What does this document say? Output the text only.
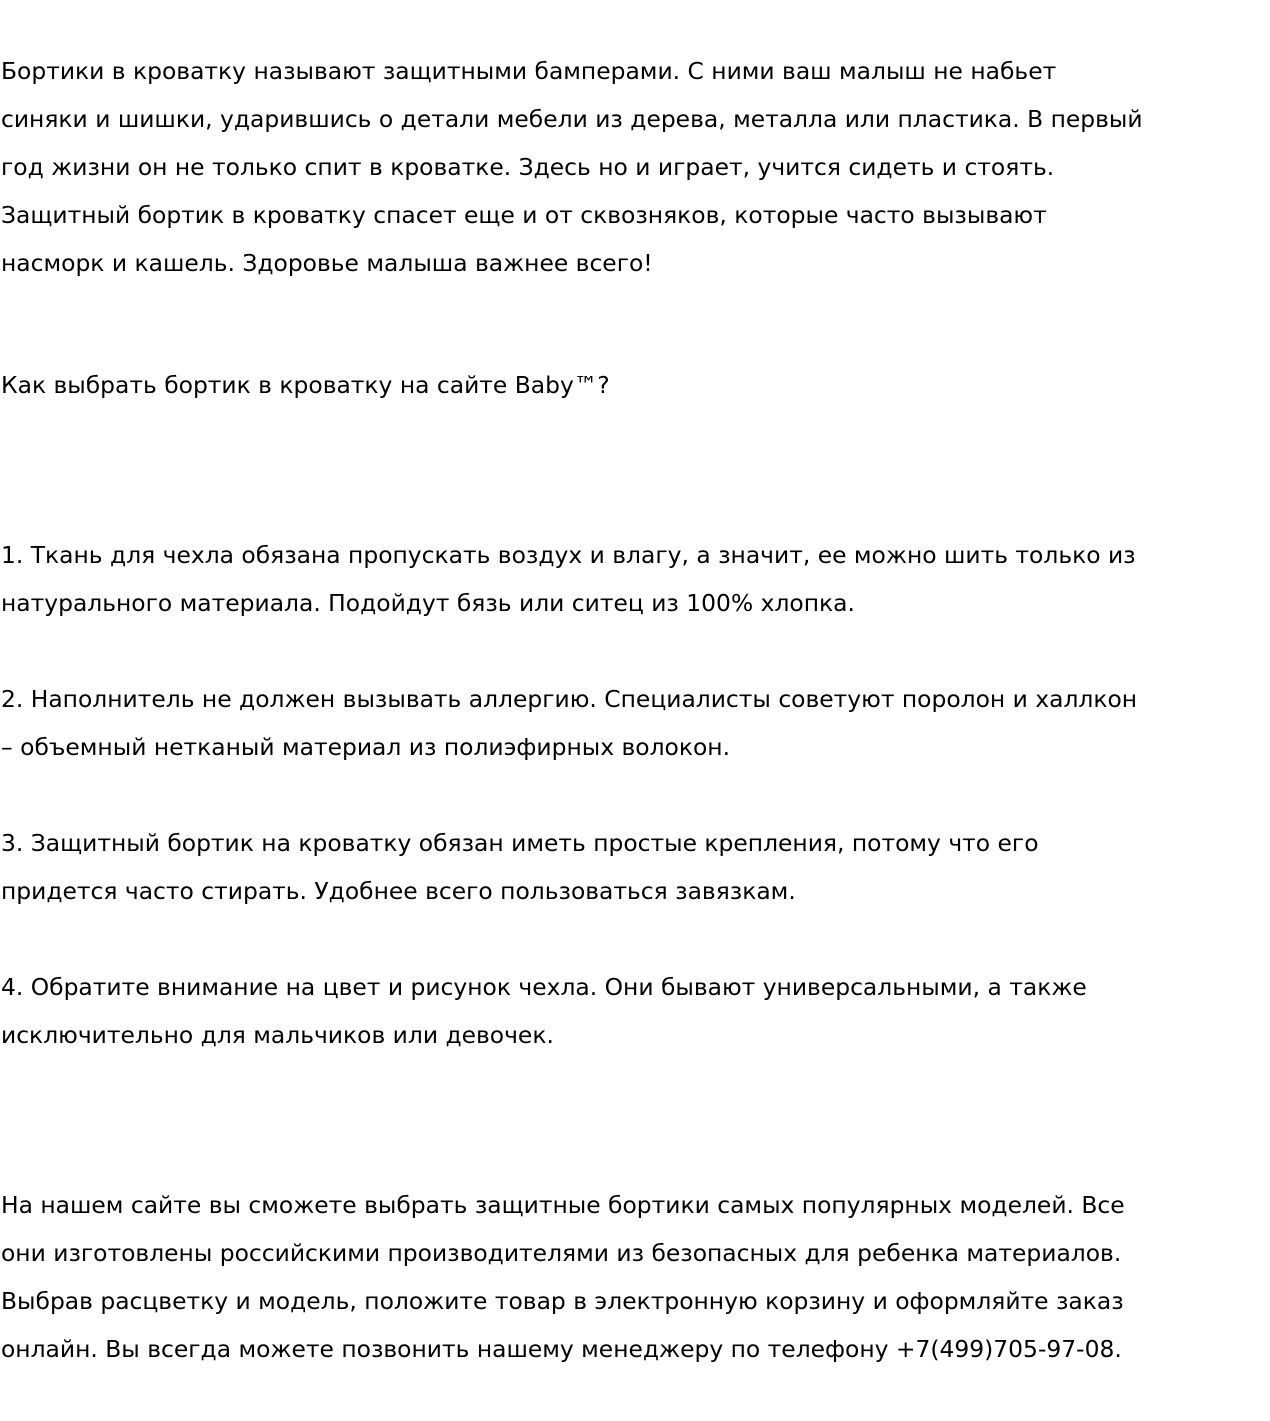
Бортики в кроватку называют защитными бамперами. С ними ваш малыш не набьет
синяки и шишки, ударившись о детали мебели из дерева, металла или пластика. В первый
год жизни он не только спит в кроватке. Здесь но и играет, учится сидеть и стоять.
Защитный бортик в кроватку спасет еще и от сквозняков, которые часто вызывают
насморк и кашель. Здоровье малыша важнее всего!

Как выбрать бортик в кроватку на сайте Baby™?

1. Ткань для чехла обязана пропускать воздух и влагу, а значит, ее можно шить только из
натурального материала. Подойдут бязь или ситец из 100% хлопка.

2. Наполнитель не должен вызывать аллергию. Специалисты советуют поролон и халлкон
– объемный нетканый материал из полиэфирных волокон.

3. Защитный бортик на кроватку обязан иметь простые крепления, потому что его
придется часто стирать. Удобнее всего пользоваться завязкам.

4. Обратите внимание на цвет и рисунок чехла. Они бывают универсальными, а также
исключительно для мальчиков или девочек.

На нашем сайте вы сможете выбрать защитные бортики самых популярных моделей. Все
они изготовлены российскими производителями из безопасных для ребенка материалов.
Выбрав расцветку и модель, положите товар в электронную корзину и оформляйте заказ
онлайн. Вы всегда можете позвонить нашему менеджеру по телефону +7(499)705-97-08.
